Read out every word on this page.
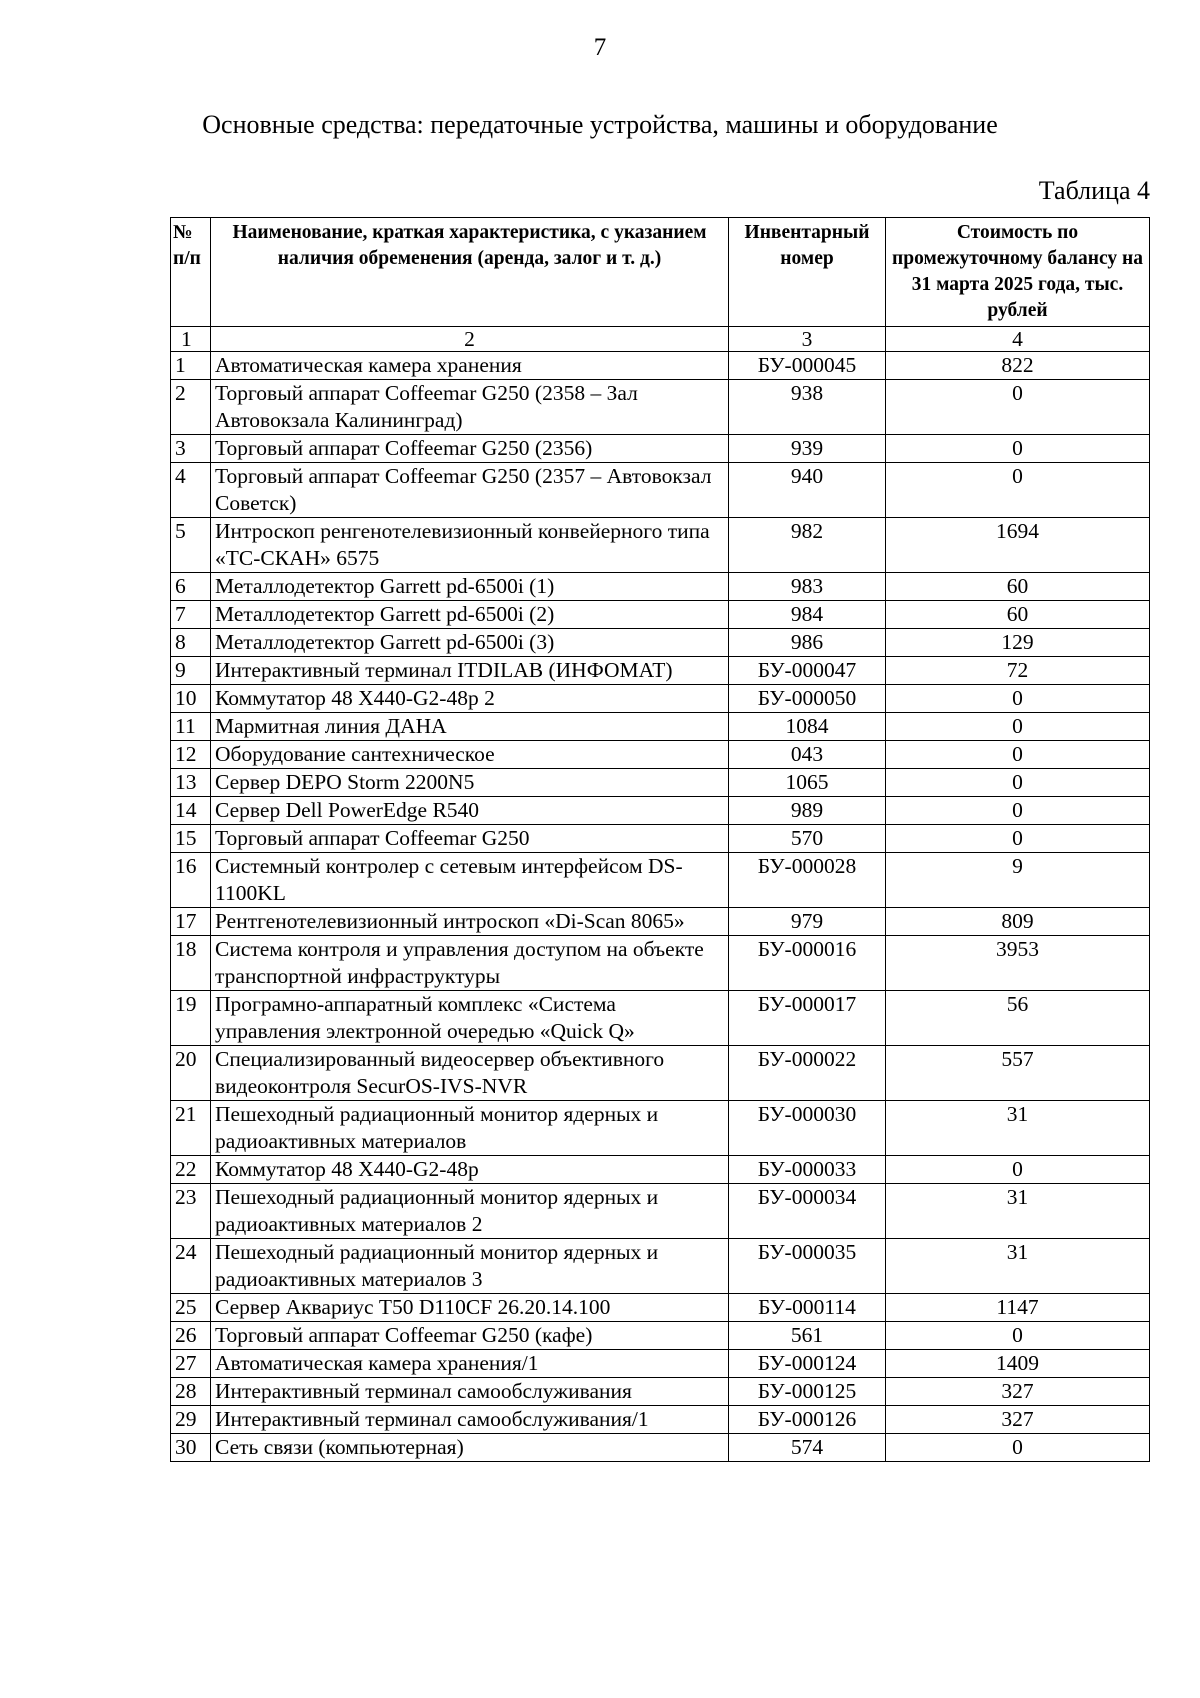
7
Основные средства: передаточные устройства, машины и оборудование
Таблица 4
№ п/п	Наименование, краткая характеристика, с указанием наличия обременения (аренда, залог и т. д.)	Инвентарный номер	Стоимость по промежуточному балансу на 31 марта 2025 года, тыс. рублей
1	2	3	4
1	Автоматическая камера хранения	БУ-000045	822
2	Торговый аппарат Coffeemar G250 (2358 – Зал Автовокзала Калининград)	938	0
3	Торговый аппарат Coffeemar G250 (2356)	939	0
4	Торговый аппарат Coffeemar G250 (2357 – Автовокзал Советск)	940	0
5	Интроскоп ренгенотелевизионный конвейерного типа «ТС-СКАН» 6575	982	1694
6	Металлодетектор Garrett pd-6500i (1)	983	60
7	Металлодетектор Garrett pd-6500i (2)	984	60
8	Металлодетектор Garrett pd-6500i (3)	986	129
9	Интерактивный терминал ITDILAB (ИНФОМАТ)	БУ-000047	72
10	Коммутатор 48 X440-G2-48p 2	БУ-000050	0
11	Мармитная линия ДАНА	1084	0
12	Оборудование сантехническое	043	0
13	Сервер DEPO Storm 2200N5	1065	0
14	Сервер Dell PowerEdge R540	989	0
15	Торговый аппарат Coffeemar G250	570	0
16	Системный контролер с сетевым интерфейсом DS-1100KL	БУ-000028	9
17	Рентгенотелевизионный интроскоп «Di-Scan 8065»	979	809
18	Система контроля и управления доступом на объекте транспортной инфраструктуры	БУ-000016	3953
19	Програмно-аппаратный комплекс «Система управления электронной очередью «Quick Q»	БУ-000017	56
20	Специализированный видеосервер объективного видеоконтроля SecurOS-IVS-NVR	БУ-000022	557
21	Пешеходный радиационный монитор ядерных и радиоактивных материалов	БУ-000030	31
22	Коммутатор 48 X440-G2-48p	БУ-000033	0
23	Пешеходный радиационный монитор ядерных и радиоактивных материалов 2	БУ-000034	31
24	Пешеходный радиационный монитор ядерных и радиоактивных материалов 3	БУ-000035	31
25	Сервер Аквариус T50 D110CF 26.20.14.100	БУ-000114	1147
26	Торговый аппарат Coffeemar G250 (кафе)	561	0
27	Автоматическая камера хранения/1	БУ-000124	1409
28	Интерактивный терминал самообслуживания	БУ-000125	327
29	Интерактивный терминал самообслуживания/1	БУ-000126	327
30	Сеть связи (компьютерная)	574	0
